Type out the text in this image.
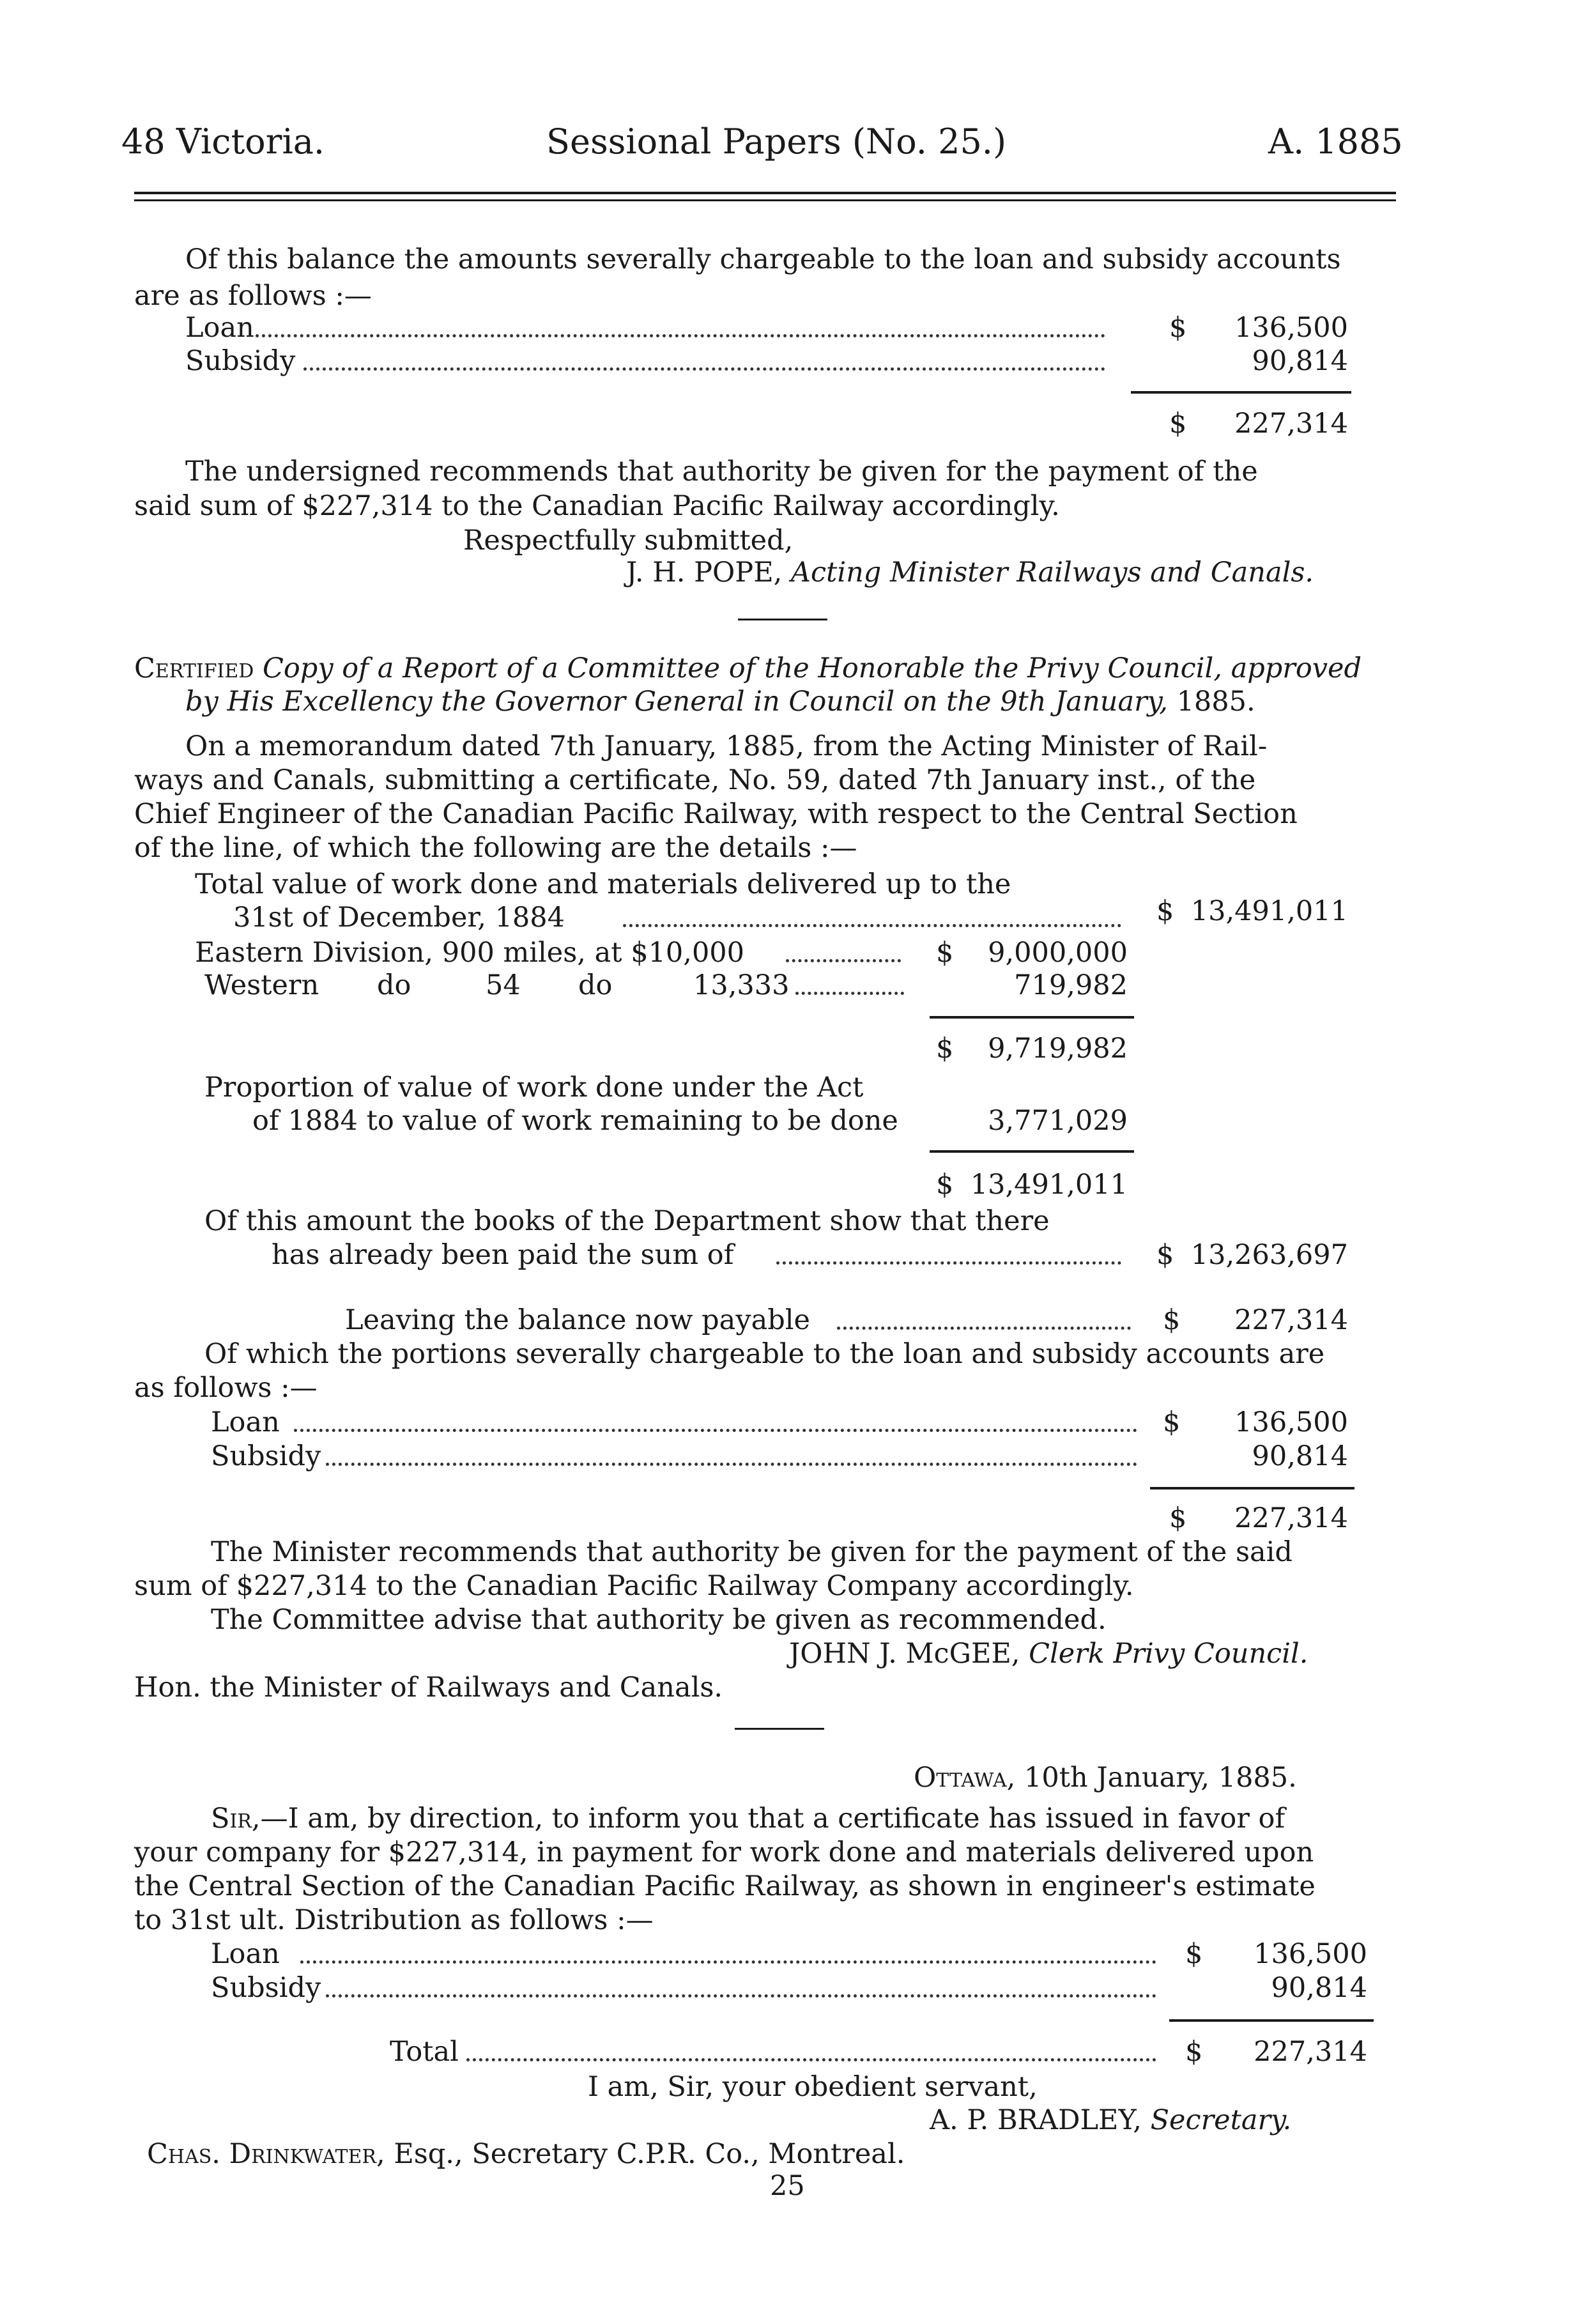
48 Victoria.	Sessional Papers (No. 25.)	A. 1885
Of this balance the amounts severally chargeable to the loan and subsidy accounts
are as follows :—
Loan	$	136,500
Subsidy	90,814
$	227,314
The undersigned recommends that authority be given for the payment of the
said sum of $227,314 to the Canadian Pacific Railway accordingly.
Respectfully submitted,
J. H. POPE, Acting Minister Railways and Canals.
Certified Copy of a Report of a Committee of the Honorable the Privy Council, approved
by His Excellency the Governor General in Council on the 9th January, 1885.
On a memorandum dated 7th January, 1885, from the Acting Minister of Rail-
ways and Canals, submitting a certificate, No. 59, dated 7th January inst., of the
Chief Engineer of the Canadian Pacific Railway, with respect to the Central Section
of the line, of which the following are the details :—
Total value of work done and materials delivered up to the
31st of December, 1884	$ 13,491,011
Eastern Division, 900 miles, at $10,000	$	9,000,000
Western do	54 do	13,333	719,982
$	9,719,982
Proportion of value of work done under the Act
of 1884 to value of work remaining to be done	3,771,029
$ 13,491,011
Of this amount the books of the Department show that there
has already been paid the sum of	$ 13,263,697
Leaving the balance now payable	$	227,314
Of which the portions severally chargeable to the loan and subsidy accounts are
as follows :—
Loan	$	136,500
Subsidy	90,814
$	227,314
The Minister recommends that authority be given for the payment of the said
sum of $227,314 to the Canadian Pacific Railway Company accordingly.
The Committee advise that authority be given as recommended.
JOHN J. McGEE, Clerk Privy Council.
Hon. the Minister of Railways and Canals.
Ottawa, 10th January, 1885.
Sir,—I am, by direction, to inform you that a certificate has issued in favor of
your company for $227,314, in payment for work done and materials delivered upon
the Central Section of the Canadian Pacific Railway, as shown in engineer's estimate
to 31st ult. Distribution as follows :—
Loan	$	136,500
Subsidy	90,814
Total	$	227,314
I am, Sir, your obedient servant,
A. P. BRADLEY, Secretary.
Chas. Drinkwater, Esq., Secretary C.P.R. Co., Montreal.
25
